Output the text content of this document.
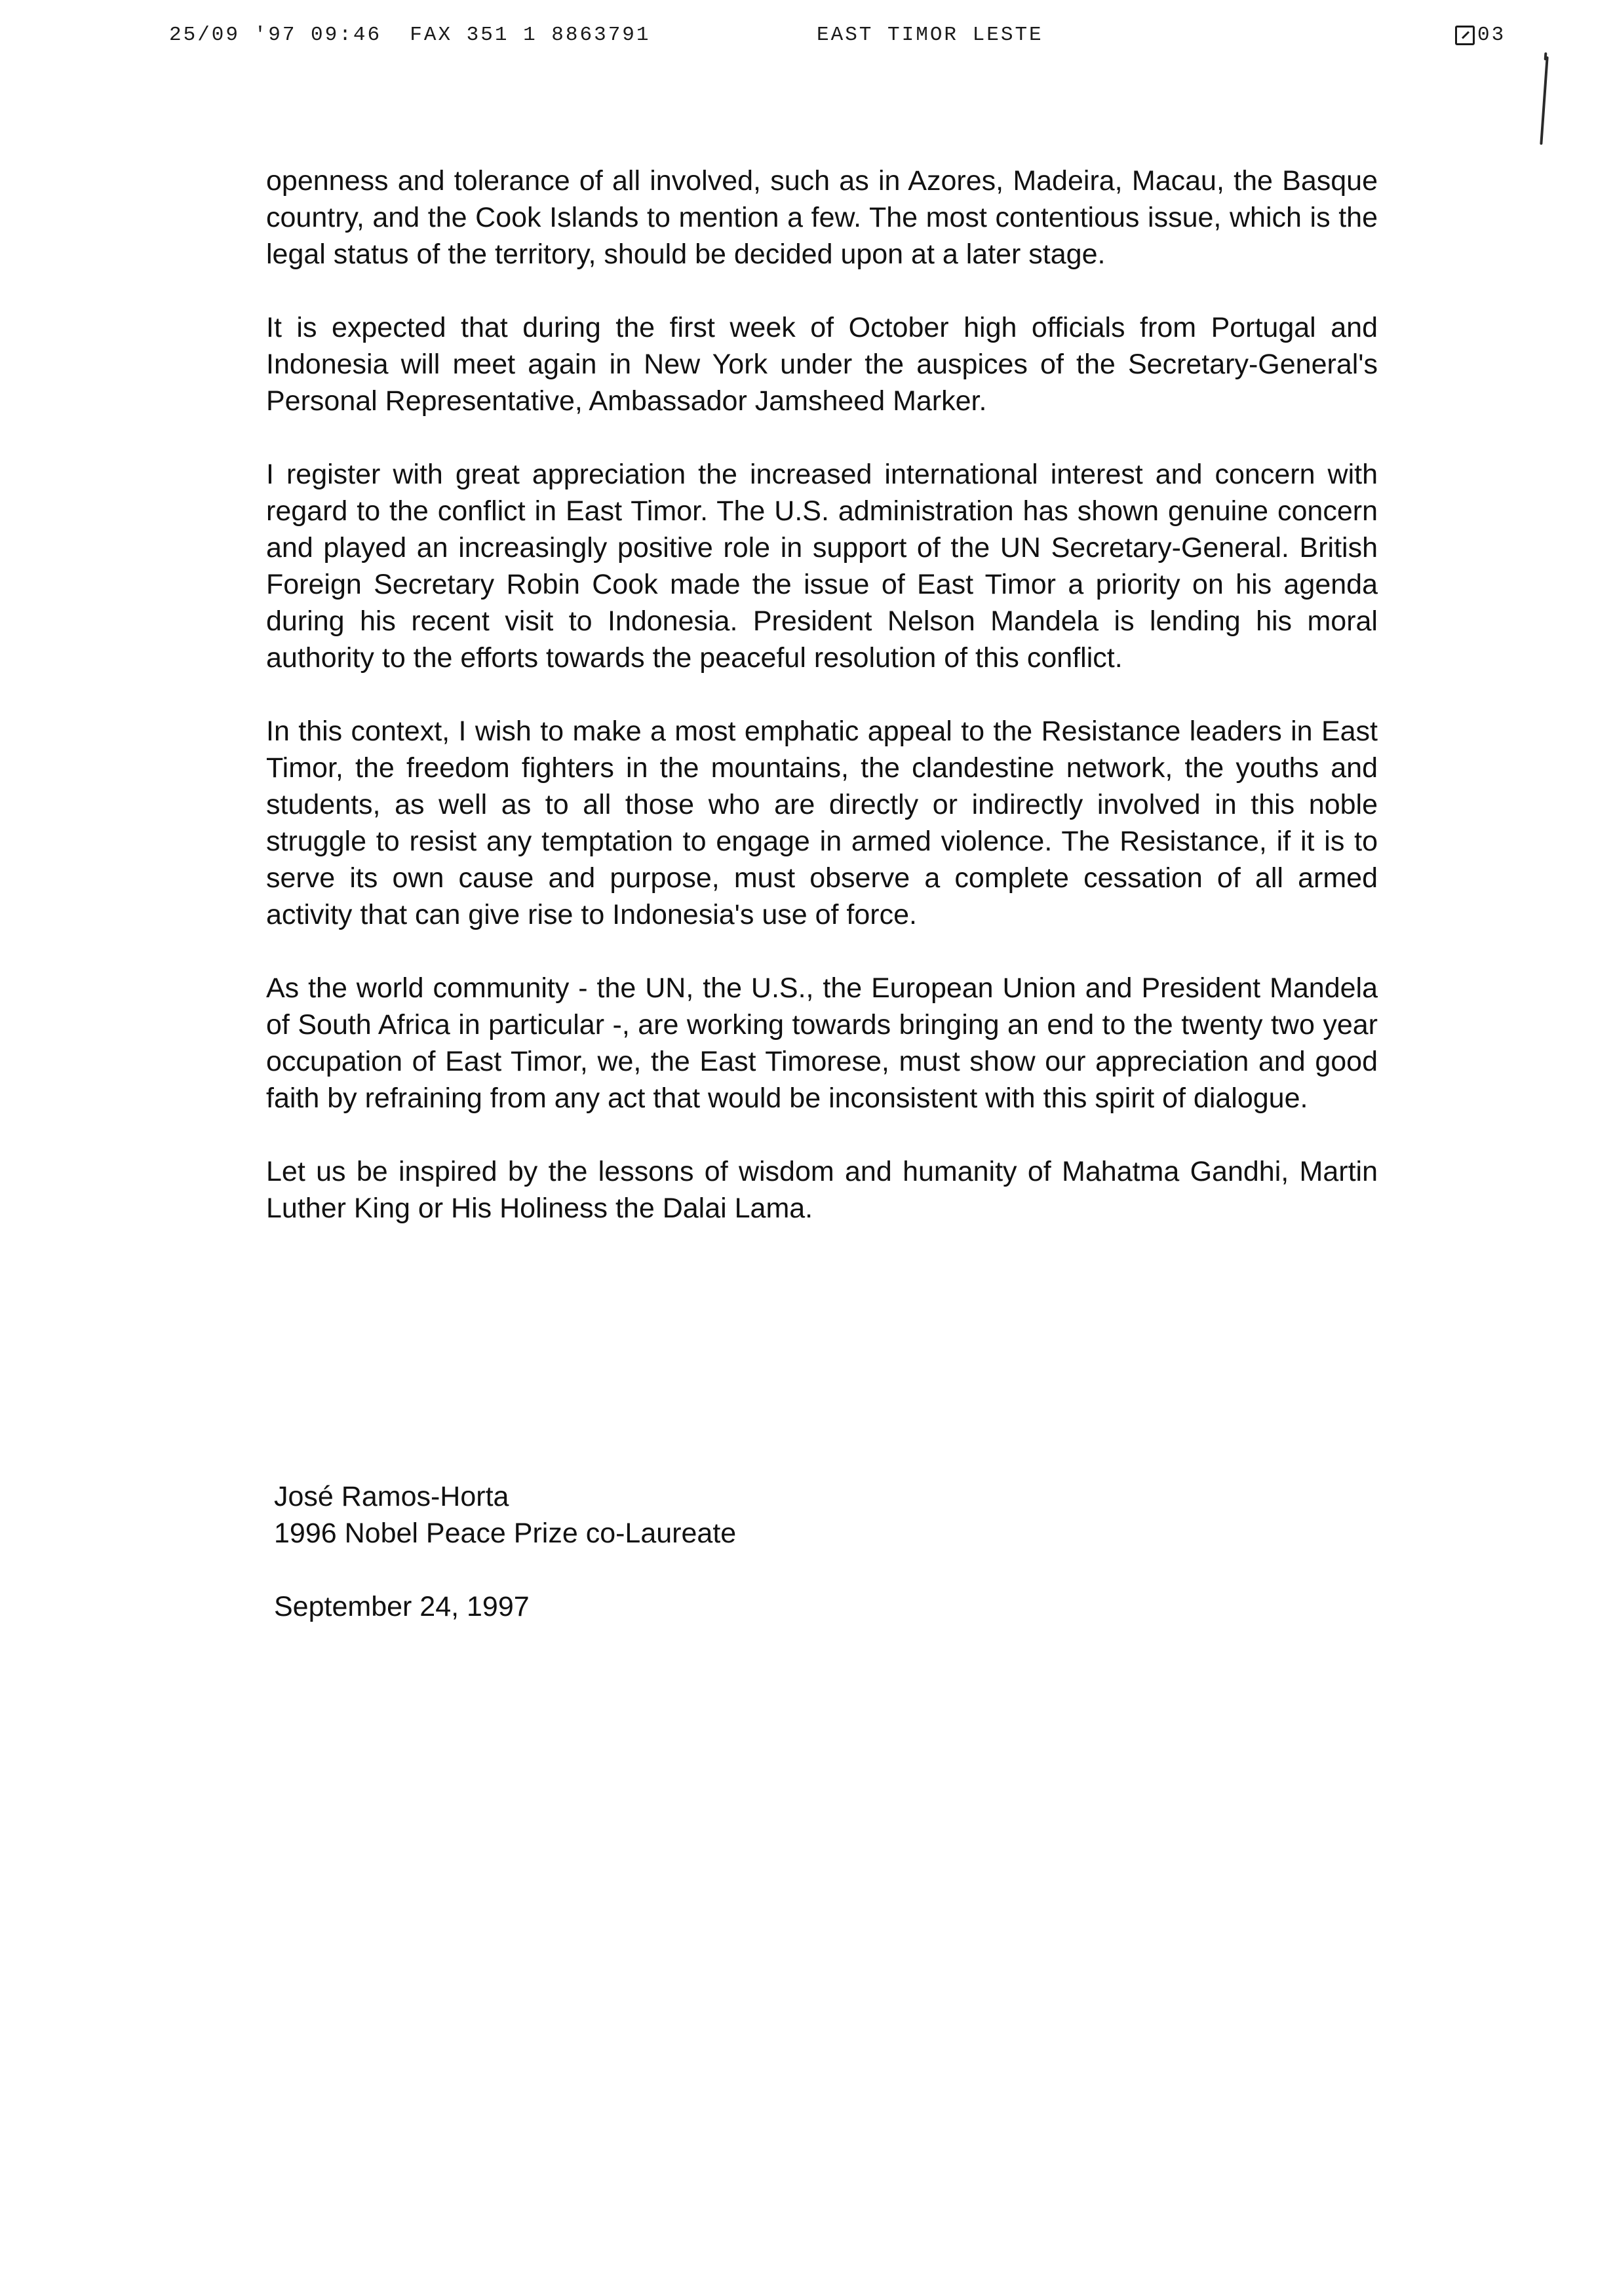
25/09 '97 09:46 FAX 351 1 8863791	EAST TIMOR LESTE	03

openness and tolerance of all involved, such as in Azores, Madeira, Macau, the Basque country, and the Cook Islands to mention a few. The most contentious issue, which is the legal status of the territory, should be decided upon at a later stage.

It is expected that during the first week of October high officials from Portugal and Indonesia will meet again in New York under the auspices of the Secretary-General's Personal Representative, Ambassador Jamsheed Marker.

I register with great appreciation the increased international interest and concern with regard to the conflict in East Timor. The U.S. administration has shown genuine concern and played an increasingly positive role in support of the UN Secretary-General. British Foreign Secretary Robin Cook made the issue of East Timor a priority on his agenda during his recent visit to Indonesia. President Nelson Mandela is lending his moral authority to the efforts towards the peaceful resolution of this conflict.

In this context, I wish to make a most emphatic appeal to the Resistance leaders in East Timor, the freedom fighters in the mountains, the clandestine network, the youths and students, as well as to all those who are directly or indirectly involved in this noble struggle to resist any temptation to engage in armed violence. The Resistance, if it is to serve its own cause and purpose, must observe a complete cessation of all armed activity that can give rise to Indonesia's use of force.

As the world community - the UN, the U.S., the European Union and President Mandela of South Africa in particular -, are working towards bringing an end to the twenty two year occupation of East Timor, we, the East Timorese, must show our appreciation and good faith by refraining from any act that would be inconsistent with this spirit of dialogue.

Let us be inspired by the lessons of wisdom and humanity of Mahatma Gandhi, Martin Luther King or His Holiness the Dalai Lama.

José Ramos-Horta
1996 Nobel Peace Prize co-Laureate
September 24, 1997
